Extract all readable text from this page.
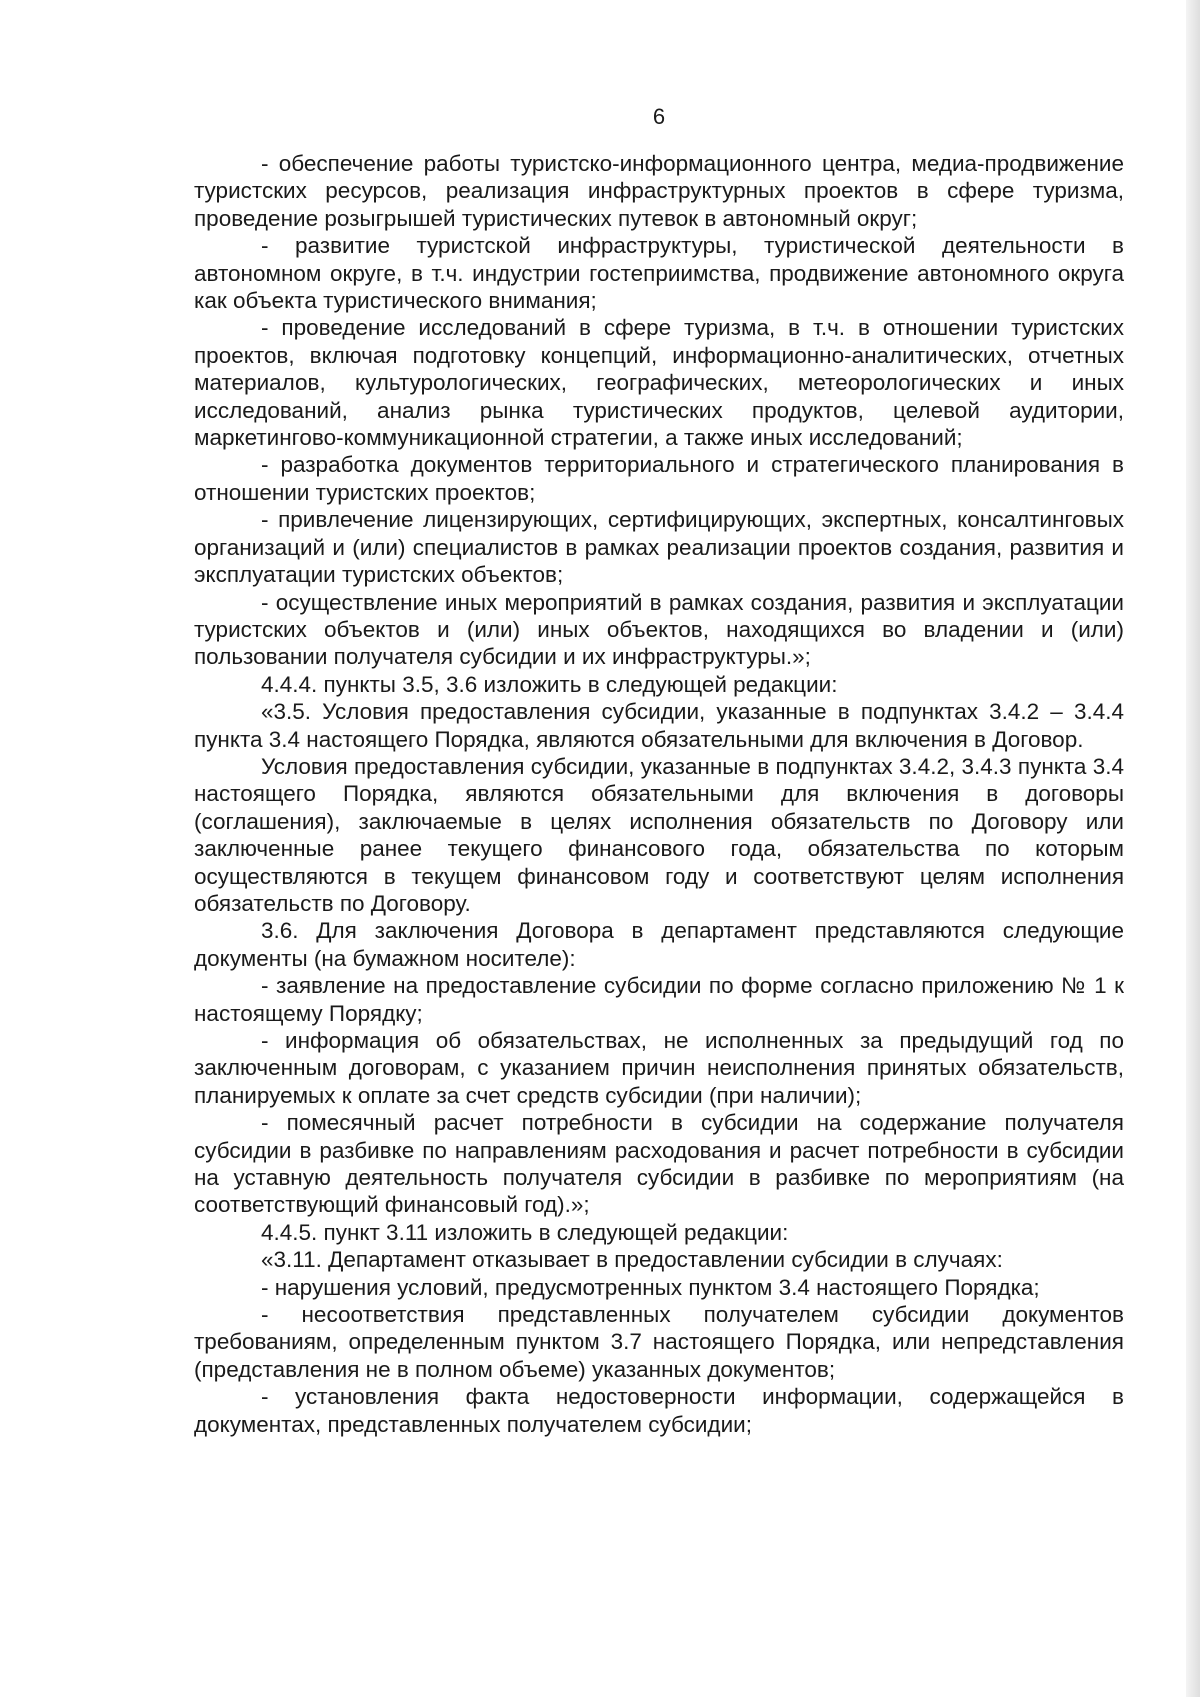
6

- обеспечение работы туристско-информационного центра, медиа-продвижение туристских ресурсов, реализация инфраструктурных проектов в сфере туризма, проведение розыгрышей туристических путевок в автономный округ;

- развитие туристской инфраструктуры, туристической деятельности в автономном округе, в т.ч. индустрии гостеприимства, продвижение автономного округа как объекта туристического внимания;

- проведение исследований в сфере туризма, в т.ч. в отношении туристских проектов, включая подготовку концепций, информационно-аналитических, отчетных материалов, культурологических, географических, метеорологических и иных исследований, анализ рынка туристических продуктов, целевой аудитории, маркетингово-коммуникационной стратегии, а также иных исследований;

- разработка документов территориального и стратегического планирования в отношении туристских проектов;

- привлечение лицензирующих, сертифицирующих, экспертных, консалтинговых организаций и (или) специалистов в рамках реализации проектов создания, развития и эксплуатации туристских объектов;

- осуществление иных мероприятий в рамках создания, развития и эксплуатации туристских объектов и (или) иных объектов, находящихся во владении и (или) пользовании получателя субсидии и их инфраструктуры.»;

4.4.4. пункты 3.5, 3.6 изложить в следующей редакции:

«3.5. Условия предоставления субсидии, указанные в подпунктах 3.4.2 – 3.4.4 пункта 3.4 настоящего Порядка, являются обязательными для включения в Договор.

Условия предоставления субсидии, указанные в подпунктах 3.4.2, 3.4.3 пункта 3.4 настоящего Порядка, являются обязательными для включения в договоры (соглашения), заключаемые в целях исполнения обязательств по Договору или заключенные ранее текущего финансового года, обязательства по которым осуществляются в текущем финансовом году и соответствуют целям исполнения обязательств по Договору.

3.6. Для заключения Договора в департамент представляются следующие документы (на бумажном носителе):

- заявление на предоставление субсидии по форме согласно приложению № 1 к настоящему Порядку;

- информация об обязательствах, не исполненных за предыдущий год по заключенным договорам, с указанием причин неисполнения принятых обязательств, планируемых к оплате за счет средств субсидии (при наличии);

- помесячный расчет потребности в субсидии на содержание получателя субсидии в разбивке по направлениям расходования и расчет потребности в субсидии на уставную деятельность получателя субсидии в разбивке по мероприятиям (на соответствующий финансовый год).»;

4.4.5. пункт 3.11 изложить в следующей редакции:

«3.11. Департамент отказывает в предоставлении субсидии в случаях:

- нарушения условий, предусмотренных пунктом 3.4 настоящего Порядка;

- несоответствия представленных получателем субсидии документов требованиям, определенным пунктом 3.7 настоящего Порядка, или непредставления (представления не в полном объеме) указанных документов;

- установления факта недостоверности информации, содержащейся в документах, представленных получателем субсидии;
